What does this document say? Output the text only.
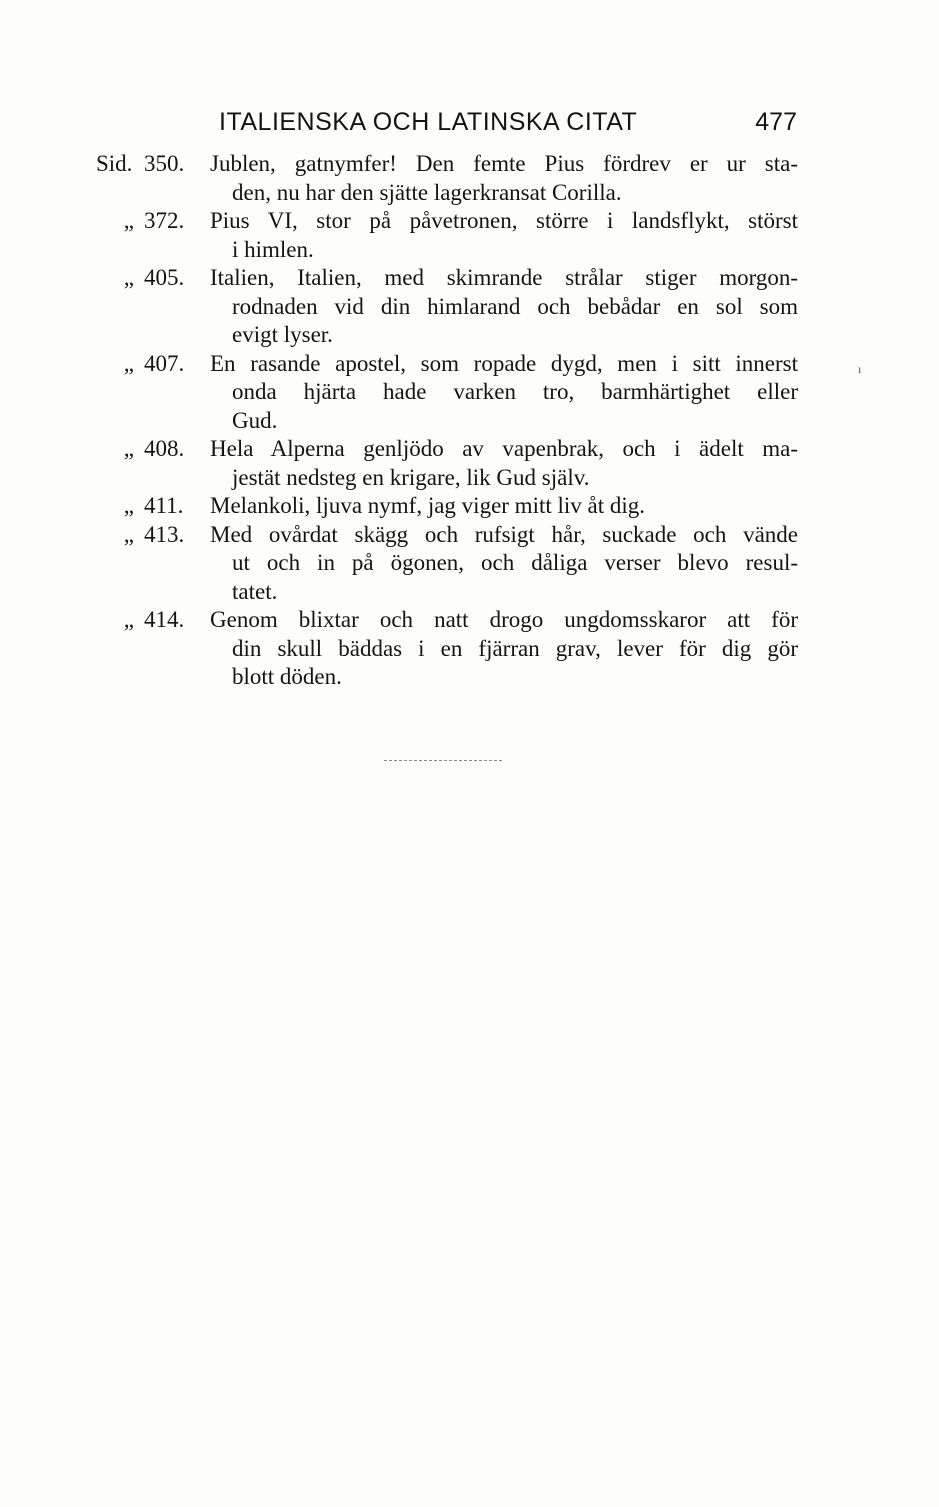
ITALIENSKA OCH LATINSKA CITAT	477
Sid. 350.	Jublen, gatnymfer! Den femte Pius fördrev er ur sta-
den, nu har den sjätte lagerkransat Corilla.
„ 372.	Pius VI, stor på påvetronen, större i landsflykt, störst
i himlen.
„ 405.	Italien, Italien, med skimrande strålar stiger morgon-
rodnaden vid din himlarand och bebådar en sol som
evigt lyser.
„ 407.	En rasande apostel, som ropade dygd, men i sitt innerst
onda hjärta hade varken tro, barmhärtighet eller
Gud.
„ 408.	Hela Alperna genljödo av vapenbrak, och i ädelt ma-
jestät nedsteg en krigare, lik Gud själv.
„ 411.	Melankoli, ljuva nymf, jag viger mitt liv åt dig.
„ 413.	Med ovårdat skägg och rufsigt hår, suckade och vände
ut och in på ögonen, och dåliga verser blevo resul-
tatet.
„ 414.	Genom blixtar och natt drogo ungdomsskaror att för
din skull bäddas i en fjärran grav, lever för dig gör
blott döden.
ı
